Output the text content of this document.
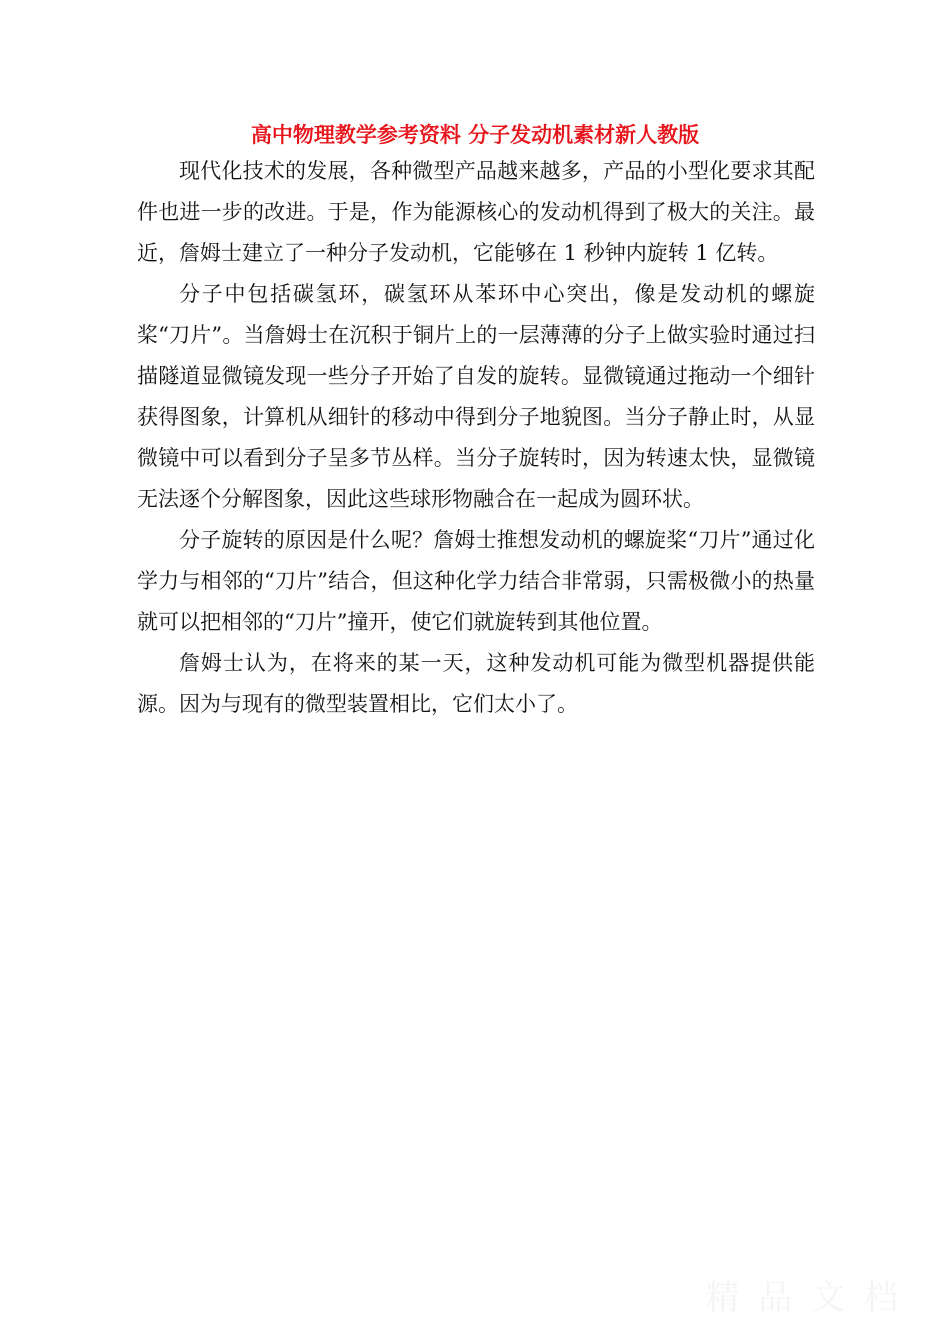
高中物理教学参考资料 分子发动机素材新人教版

现代化技术的发展，各种微型产品越来越多，产品的小型化要求其配件也进一步的改进。于是，作为能源核心的发动机得到了极大的关注。最近，詹姆士建立了一种分子发动机，它能够在 1 秒钟内旋转 1 亿转。

分子中包括碳氢环，碳氢环从苯环中心突出，像是发动机的螺旋桨“刀片”。当詹姆士在沉积于铜片上的一层薄薄的分子上做实验时通过扫描隧道显微镜发现一些分子开始了自发的旋转。显微镜通过拖动一个细针获得图象，计算机从细针的移动中得到分子地貌图。当分子静止时，从显微镜中可以看到分子呈多节丛样。当分子旋转时，因为转速太快，显微镜无法逐个分解图象，因此这些球形物融合在一起成为圆环状。

分子旋转的原因是什么呢？詹姆士推想发动机的螺旋桨“刀片”通过化学力与相邻的“刀片”结合，但这种化学力结合非常弱，只需极微小的热量就可以把相邻的“刀片”撞开，使它们就旋转到其他位置。

詹姆士认为，在将来的某一天，这种发动机可能为微型机器提供能源。因为与现有的微型装置相比，它们太小了。

精 品 文 档
